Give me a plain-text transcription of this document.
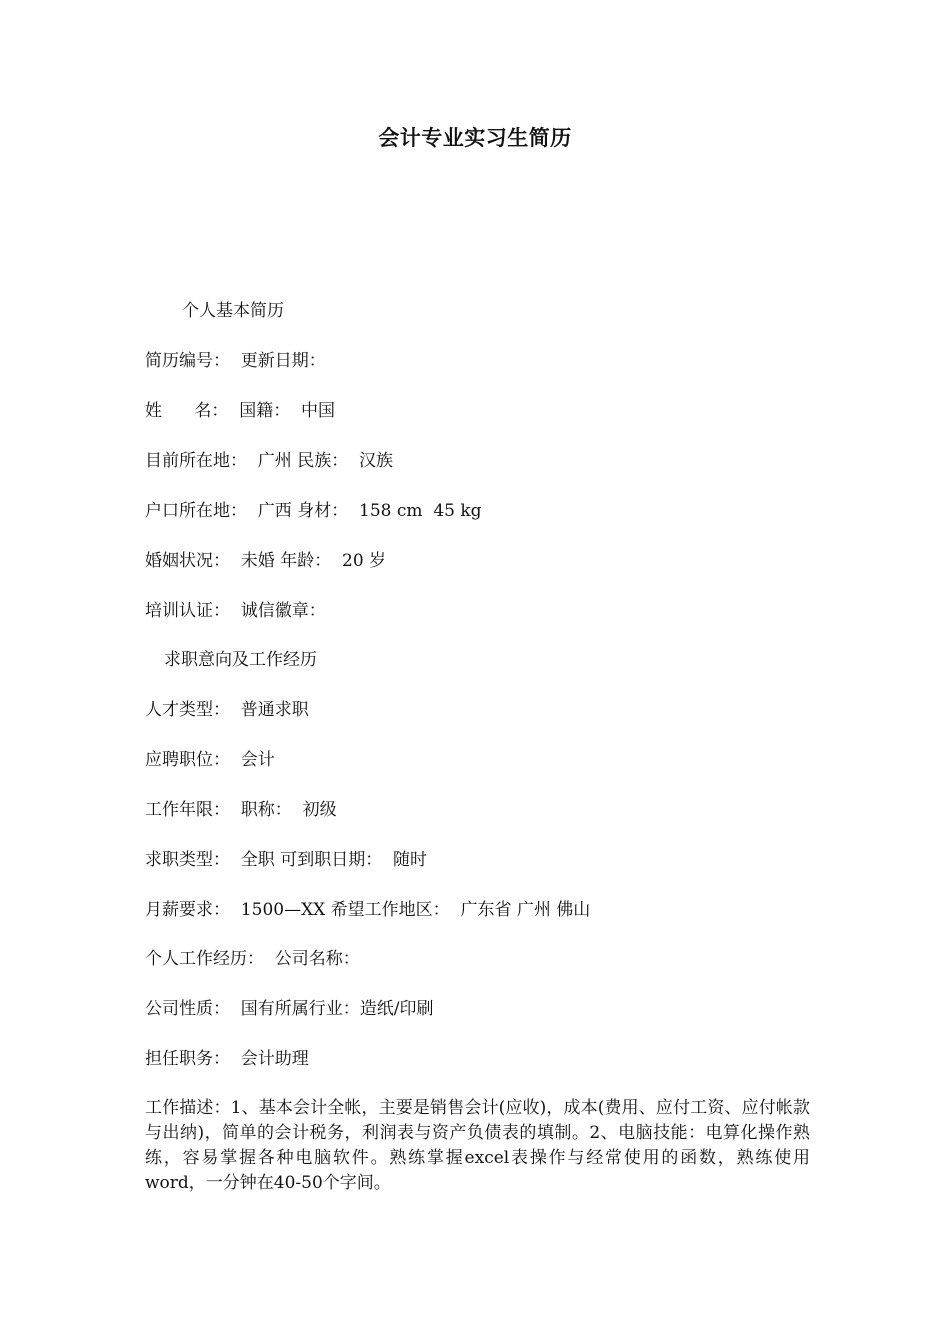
会计专业实习生简历
个人基本简历
简历编号：  更新日期：
姓      名：  国籍：  中国
目前所在地：  广州 民族：  汉族
户口所在地：  广西 身材：  158 cm  45 kg
婚姻状况：  未婚 年龄：  20 岁
培训认证：  诚信徽章：
求职意向及工作经历
人才类型：  普通求职
应聘职位：  会计
工作年限：  职称：  初级
求职类型：  全职 可到职日期：  随时
月薪要求：  1500—XX 希望工作地区：  广东省 广州 佛山
个人工作经历：  公司名称：
公司性质：  国有所属行业：造纸/印刷
担任职务：  会计助理
工作描述：1、基本会计全帐，主要是销售会计(应收)，成本(费用、应付工资、应付帐款与出纳)，简单的会计税务，利润表与资产负债表的填制。2、电脑技能：电算化操作熟练，容易掌握各种电脑软件。熟练掌握excel表操作与经常使用的函数，熟练使用word，一分钟在40-50个字间。
